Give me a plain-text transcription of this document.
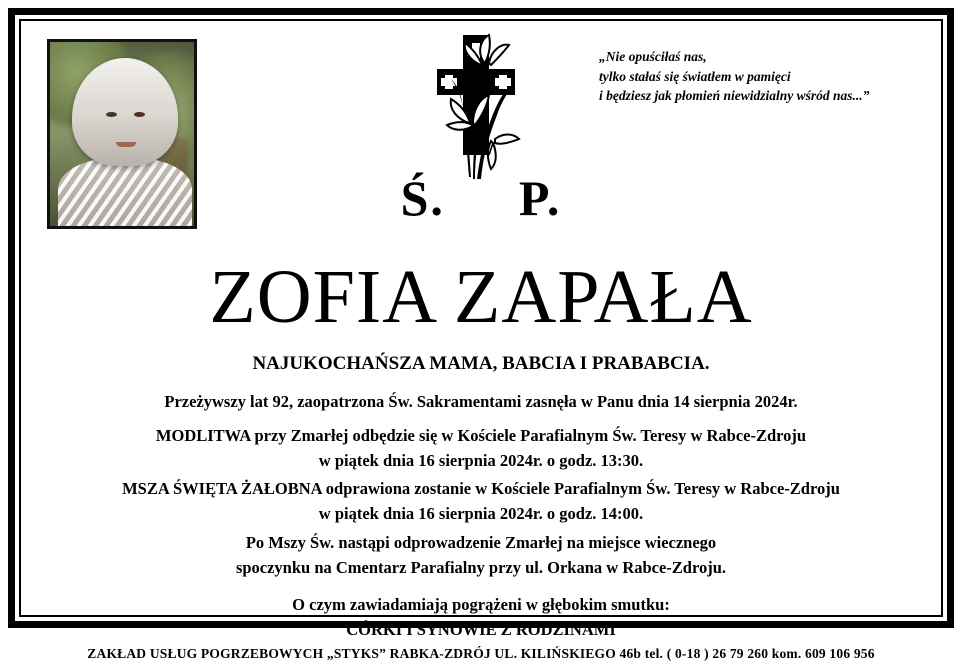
„Nie opuściłaś nas,
tylko stałaś się światłem w pamięci
i będziesz jak płomień niewidzialny wśród nas...”
Ś. P.
ZOFIA ZAPAŁA
NAJUKOCHAŃSZA MAMA, BABCIA I PRABABCIA.
Przeżywszy lat 92, zaopatrzona Św. Sakramentami zasnęła w Panu dnia 14 sierpnia 2024r.
MODLITWA przy Zmarłej odbędzie się w Kościele Parafialnym Św. Teresy w Rabce-Zdroju
w piątek dnia 16 sierpnia 2024r. o godz. 13:30.
MSZA ŚWIĘTA ŻAŁOBNA odprawiona zostanie w Kościele Parafialnym Św. Teresy w Rabce-Zdroju
w piątek dnia 16 sierpnia 2024r. o godz. 14:00.
Po Mszy Św. nastąpi odprowadzenie Zmarłej na miejsce wiecznego
spoczynku na Cmentarz Parafialny przy ul. Orkana w Rabce-Zdroju.
O czym zawiadamiają pogrążeni w głębokim smutku:
CÓRKI I SYNOWIE Z RODZINAMI
ZAKŁAD USŁUG POGRZEBOWYCH „STYKS” RABKA-ZDRÓJ UL. KILIŃSKIEGO 46b tel. ( 0-18 ) 26 79 260 kom. 609 106 956
